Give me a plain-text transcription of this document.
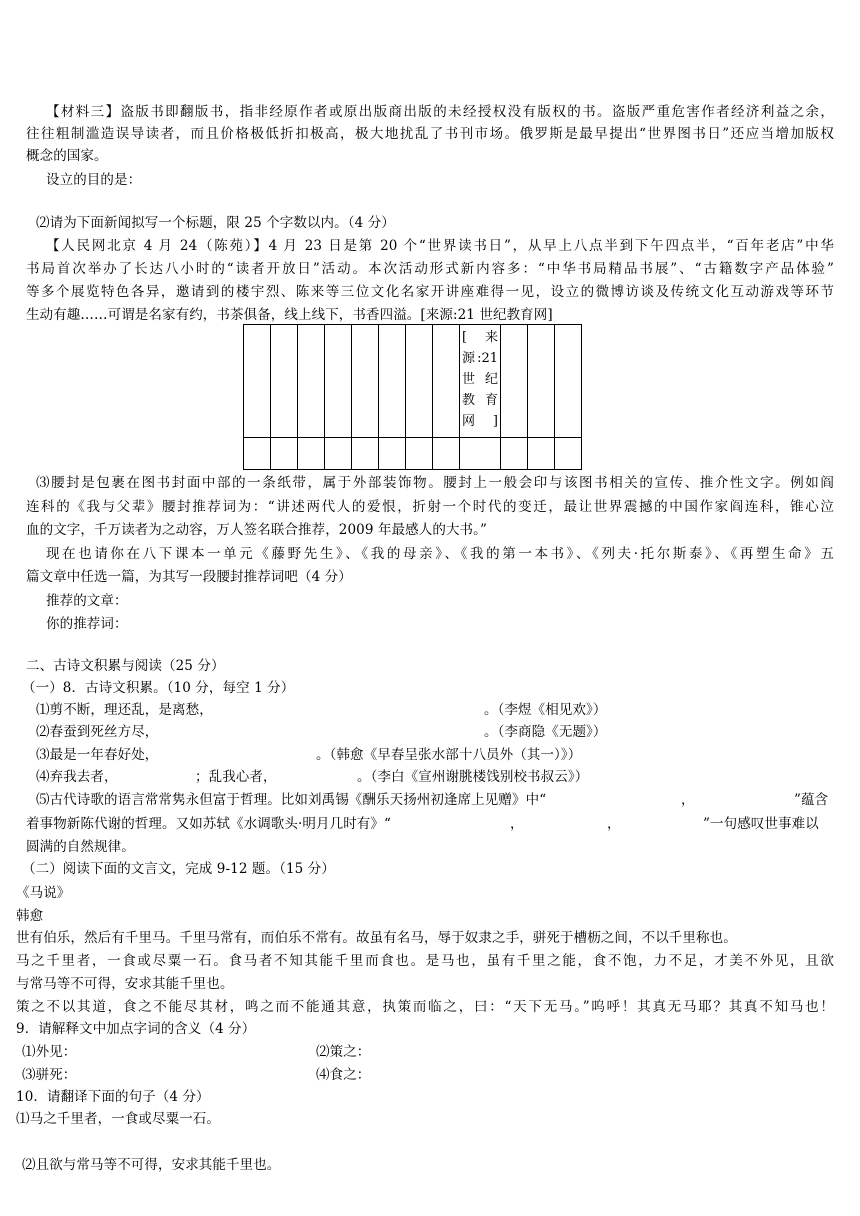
【材料三】盗版书即翻版书，指非经原作者或原出版商出版的未经授权没有版权的书。盗版严重危害作者经济利益之余，
往往粗制滥造误导读者，而且价格极低折扣极高，极大地扰乱了书刊市场。俄罗斯是最早提出“世界图书日”还应当增加版权
概念的国家。
设立的目的是：
⑵请为下面新闻拟写一个标题，限 25 个字数以内。（4 分）
【人民网北京 4 月 24（陈苑）】4 月 23 日是第 20 个“世界读书日”，从早上八点半到下午四点半，“百年老店”中华
书局首次举办了长达八小时的“读者开放日”活动。本次活动形式新内容多：“中华书局精品书展”、“古籍数字产品体验”
等多个展览特色各异，邀请到的楼宇烈、陈来等三位文化名家开讲座难得一见，设立的微博访谈及传统文化互动游戏等环节
生动有趣……可谓是名家有约，书茶俱备，线上线下，书香四溢。[来源:21 世纪教育网]

								[ 来源:21世纪教育网]			

⑶腰封是包裹在图书封面中部的一条纸带，属于外部装饰物。腰封上一般会印与该图书相关的宣传、推介性文字。例如阎
连科的《我与父辈》腰封推荐词为：“讲述两代人的爱恨，折射一个时代的变迁，最让世界震撼的中国作家阎连科，锥心泣
血的文字，千万读者为之动容，万人签名联合推荐，2009 年最感人的大书。”
现在也请你在八下课本一单元《藤野先生》、《我的母亲》、《我的第一本书》、《列夫·托尔斯泰》、《再塑生命》五
篇文章中任选一篇，为其写一段腰封推荐词吧（4 分）
推荐的文章：
你的推荐词：
二、古诗文积累与阅读（25 分）
（一）8．古诗文积累。（10 分，每空 1 分）
⑴剪不断，理还乱，是离愁，	。（李煜《相见欢》）
⑵春蚕到死丝方尽，	。（李商隐《无题》）
⑶最是一年春好处，	。（韩愈《早春呈张水部十八员外（其一）》）
⑷弃我去者，	；乱我心者，	。（李白《宣州谢朓楼饯别校书叔云》）
⑸古代诗歌的语言常常隽永但富于哲理。比如刘禹锡《酬乐天扬州初逢席上见赠》中“	，	”蕴含
着事物新陈代谢的哲理。又如苏轼《水调歌头·明月几时有》“	，	，	”一句感叹世事难以
圆满的自然规律。
（二）阅读下面的文言文，完成 9-12 题。（15 分）
《马说》
韩愈
世有伯乐，然后有千里马。千里马常有，而伯乐不常有。故虽有名马，辱于奴隶之手，骈死于槽枥之间，不以千里称也。
马之千里者，一食或尽粟一石。食马者不知其能千里而食也。是马也，虽有千里之能，食不饱，力不足，才美不外见，且欲
与常马等不可得，安求其能千里也。
策之不以其道，食之不能尽其材，鸣之而不能通其意，执策而临之，曰：“天下无马。”呜呼！其真无马耶？其真不知马也！
9．请解释文中加点字词的含义（4 分）
⑴外见：	⑵策之：
⑶骈死：	⑷食之：
10．请翻译下面的句子（4 分）
⑴马之千里者，一食或尽粟一石。
⑵且欲与常马等不可得，安求其能千里也。
